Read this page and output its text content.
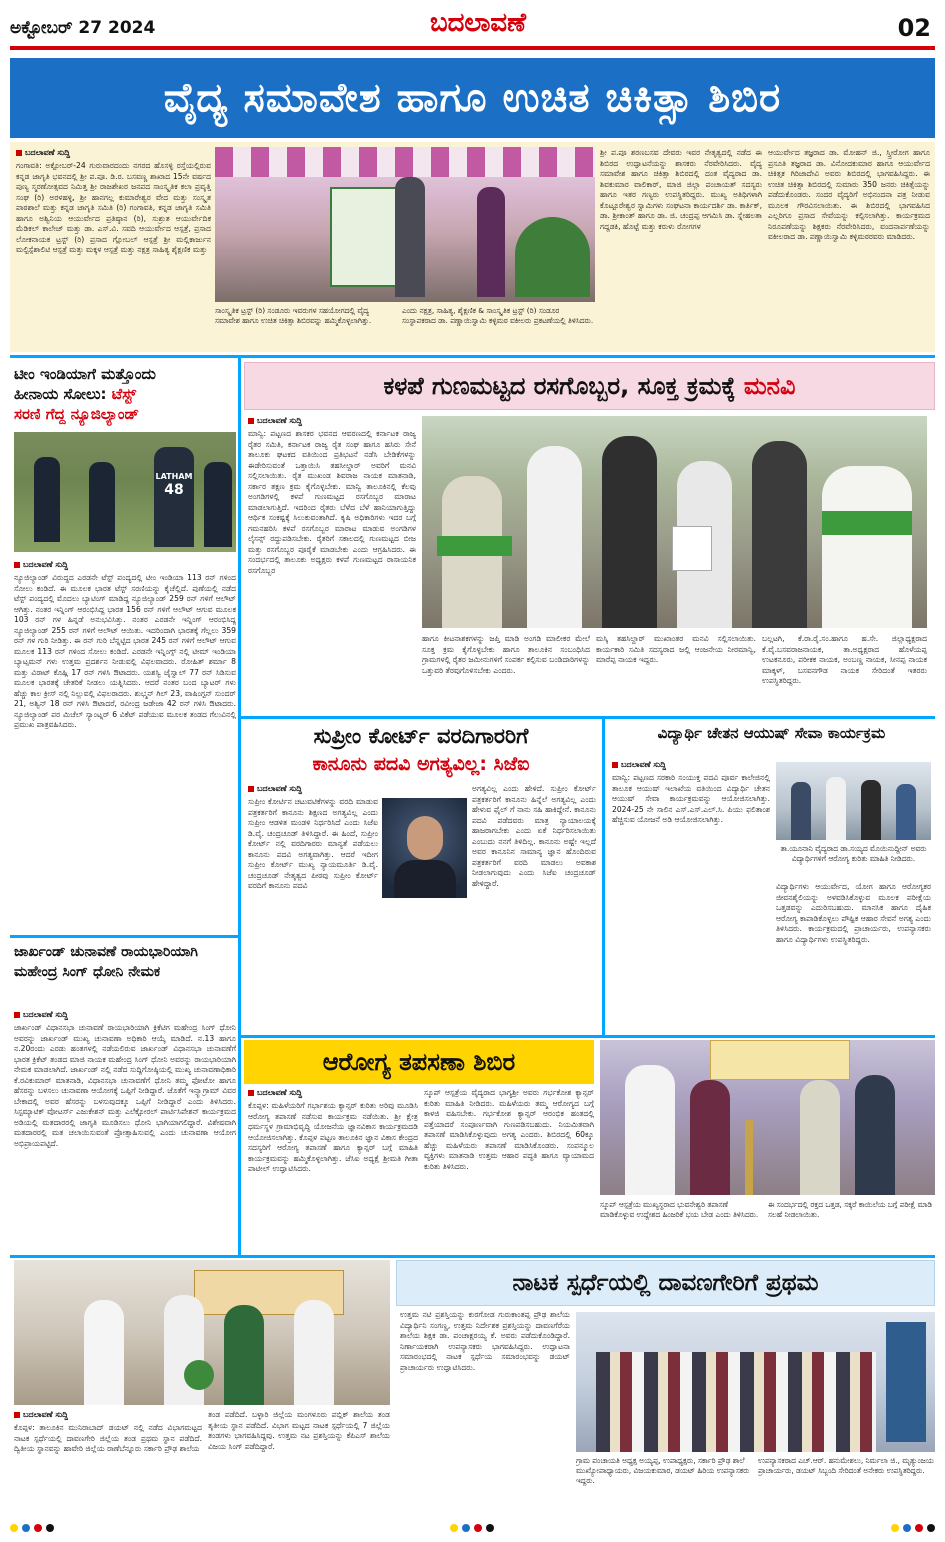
ಅಕ್ಟೋಬರ್ 27 2024	ಬದಲಾವಣೆ	02
ವೈದ್ಯ ಸಮಾವೇಶ ಹಾಗೂ ಉಚಿತ ಚಿಕಿತ್ಸಾ ಶಿಬಿರ
ಬದಲಾವಣೆ ಸುದ್ದಿ
ಗಂಗಾವತಿ: ಅಕ್ಟೋಬರ್-24 ಗುರುವಾರದಂದು ನಗರದ ಹೊಸಳ್ಳಿ ರಸ್ತೆಯಲ್ಲಿರುವ ಕನ್ನಡ ಜಾಗೃತಿ ಭವನದಲ್ಲಿ ಶ್ರೀ ಪ.ಪೂ. ಡಿ.ರ. ಬಸವಣ್ಣ ಶಾಖಾದ 15ನೇ ವರ್ಷದ ಪುಣ್ಯ ಸ್ಮರಣೋತ್ಸವದ ನಿಮಿತ್ತ ಶ್ರೀ ರಾಜಶೇಖರ ಜನಪದ ಸಾಂಸ್ಕೃತಿಕ ಕಲಾ ಪ್ರವೃತ್ತಿ ಸಂಘ (ರಿ) ಅರಳಹಳ್ಳಿ, ಶ್ರೀ ಹಾನಗಲ್ಲ ಕುಮಾರೇಶ್ವರ ವೇದ ಮತ್ತು ಸಂಸ್ಕೃತ ಪಾಠಶಾಲೆ ಮತ್ತು ಕನ್ನಡ ಜಾಗೃತಿ ಸಮಿತಿ (ರಿ) ಗಂಗಾವತಿ, ಕನ್ನಡ ಜಾಗೃತಿ ಸಮಿತಿ ಹಾಗೂ ಅಶ್ವಿನಿಯ ಆಯುರ್ವೇದ ಪ್ರತಿಷ್ಠಾನ (ರಿ), ಸುಶ್ರುತ ಆಯುರ್ವೇದಿಕ ಮೆಡಿಕಲ್ ಕಾಲೇಜ್ ಮತ್ತು ಡಾ. ಎಸ್.ವಿ. ಸವದಿ ಆಯುರ್ವೇದ ಆಸ್ಪತ್ರೆ, ಪ್ರಸಾದ ಲೋಕನಾಯಕ ಟ್ರಸ್ಟ್ (ರಿ) ಪ್ರಸಾದ ಗ್ಲೋಬಲ್ ಆಸ್ಪತ್ರೆ ಶ್ರೀ ಮಲ್ಲಿಕಾರ್ಜುನ ಮಲ್ಟಿಸ್ಪೆಶಾಲಿಟಿ ಆಸ್ಪತ್ರೆ ಮತ್ತು ಮಕ್ಕಳ ಆಸ್ಪತ್ರೆ ಮತ್ತು ನಕ್ಷತ್ರ ಸಾಹಿತ್ಯ ಶೈಕ್ಷಣಿಕ ಮತ್ತು
ಸಾಂಸ್ಕೃತಿಕ ಟ್ರಸ್ಟ್ (ರಿ) ಸಂಡೂರು ಇವರುಗಳ ಸಹಯೋಗದಲ್ಲಿ ವೈದ್ಯ ಸಮಾವೇಶ ಹಾಗೂ ಉಚಿತ ಚಿಕಿತ್ಸಾ ಶಿಬಿರವನ್ನು ಹಮ್ಮಿಕೊಳ್ಳಲಾಗಿತ್ತು.
ಎಂದು ನಕ್ಷತ್ರ, ಸಾಹಿತ್ಯ, ಶೈಕ್ಷಣಿಕ & ಸಾಂಸ್ಕೃತಿಕ ಟ್ರಸ್ಟ್ (ರಿ) ಸಂಡೂರ ಸಂಸ್ಥಾಪಕರಾದ ಡಾ. ಪಣ್ಣಾಯಿಸ್ವಾಮಿ ಕಳ್ಳಿಮಠ ವಕೀಲರು ಪ್ರಕಟಣೆಯಲ್ಲಿ ತಿಳಿಸಿದರು.
ಶ್ರೀ ಪ.ಪೂ ಶರಣಬಸವ ದೇವರು ಇವರ ನೇತೃತ್ವದಲ್ಲಿ ನಡೆದ ಈ ಶಿಬಿರದ ಉದ್ಘಾಟನೆಯನ್ನು ಶಾಸಕರು ನೆರವೇರಿಸಿದರು. ವೈದ್ಯ ಸಮಾವೇಶ ಹಾಗೂ ಚಿಕಿತ್ಸಾ ಶಿಬಿರದಲ್ಲಿ ದಂತ ವೈದ್ಯರಾದ ಡಾ. ಶಿವಕುಮಾರ ವಾಲಿಕಾರ್, ಮಾಜಿ ಜಿಲ್ಲಾ ಪಂಚಾಯತ್ ಸದಸ್ಯರು ಹಾಗೂ ಇತರ ಗಣ್ಯರು ಉಪಸ್ಥಿತರಿದ್ದರು. ಮುಖ್ಯ ಅತಿಥಿಗಳಾಗಿ ಕೊಟ್ಟೂರೇಶ್ವರ ಸ್ವಾಮಿಗಳು ಸಂಘಟನಾ ಕಾರ್ಯದರ್ಶಿ ಡಾ. ಕಾರ್ತಿಕ್, ಡಾ. ಶ್ರೀಕಾಂತ್ ಹಾಗೂ ಡಾ. ಜಿ. ಚಂದ್ರಪ್ಪ ಆಗಮಿಸಿ ಡಾ. ಸ್ನೇಹಲತಾ ಗದ್ದಡಕಿ, ಹೊಟ್ಟೆ ಮತ್ತು ಕರುಳು ರೋಗಗಳ
ಆಯುರ್ವೇದ ತಜ್ಞರಾದ ಡಾ. ಮೋಹನ್ ಜಿ., ಸ್ತ್ರೀರೋಗ ಹಾಗೂ ಪ್ರಸೂತಿ ತಜ್ಞರಾದ ಡಾ. ವಿನೋದಕುಮಾರ ಹಾಗೂ ಆಯುರ್ವೇದ ಚಿಕಿತ್ಸಕ ಗಿರಿಜಾದೇವಿ ಅವರು ಶಿಬಿರದಲ್ಲಿ ಭಾಗವಹಿಸಿದ್ದರು. ಈ ಉಚಿತ ಚಿಕಿತ್ಸಾ ಶಿಬಿರದಲ್ಲಿ ಸುಮಾರು 350 ಜನರು ಚಿಕಿತ್ಸೆಯನ್ನು ಪಡೆದುಕೊಂಡರು. ಸಂದರ ವೈದ್ಯರಿಗೆ ಅಭಿನಂದನಾ ಪತ್ರ ನೀಡುವ ಮೂಲಕ ಗೌರವಿಸಲಾಯಿತು. ಈ ಶಿಬಿರದಲ್ಲಿ ಭಾಗವಹಿಸಿದ ಎಲ್ಲರಿಗೂ ಪ್ರಸಾದ ಸೇವೆಯನ್ನು ಕಲ್ಪಿಸಲಾಗಿತ್ತು. ಕಾರ್ಯಕ್ರಮದ ನಿರೂಪಣೆಯನ್ನು ಶಿಕ್ಷಕರು ನೆರವೇರಿಸಿದರು, ವಂದನಾರ್ಪಣೆಯನ್ನು ವಕೀಲರಾದ ಡಾ. ಪಣ್ಣಾಯಿಸ್ವಾಮಿ ಕಳ್ಳಿಮಠರವರು ಮಾಡಿದರು.
ಟೀಂ ಇಂಡಿಯಾಗೆ ಮತ್ತೊಂದು
ಹೀನಾಯ ಸೋಲು: ಟೆಸ್ಟ್
ಸರಣಿ ಗೆದ್ದ ನ್ಯೂಜಿಲ್ಯಾಂಡ್
LATHAM
48
ಬದಲಾವಣೆ ಸುದ್ದಿ
ನ್ಯೂಜಿಲ್ಯಾಂಡ್ ವಿರುದ್ಧದ ಎರಡನೇ ಟೆಸ್ಟ್ ಪಂದ್ಯದಲ್ಲಿ ಟೀಂ ಇಂಡಿಯಾ 113 ರನ್ ಗಳಿಂದ ಸೋಲು ಕಂಡಿದೆ. ಈ ಮೂಲಕ ಭಾರತ ಟೆಸ್ಟ್ ಸರಣಿಯನ್ನು ಕೈಚೆಲ್ಲಿದೆ. ಪುಣೆಯಲ್ಲಿ ನಡೆದ ಟೆಸ್ಟ್ ಪಂದ್ಯದಲ್ಲಿ ಮೊದಲು ಬ್ಯಾಟಿಂಗ್ ಮಾಡಿದ್ದ ನ್ಯೂಜಿಲ್ಯಾಂಡ್ 259 ರನ್ ಗಳಿಗೆ ಆಲೌಟ್ ಆಗಿತ್ತು. ನಂತರ ಇನ್ನಿಂಗ್ ಆರಂಭಿಸಿದ್ದ ಭಾರತ 156 ರನ್ ಗಳಿಗೆ ಆಲೌಟ್ ಆಗುವ ಮೂಲಕ 103 ರನ್ ಗಳ ಹಿನ್ನಡೆ ಅನುಭವಿಸಿತ್ತು. ನಂತರ ಎರಡನೇ ಇನ್ನಿಂಗ್ ಆರಂಭಿಸಿದ್ದ ನ್ಯೂಜಿಲ್ಯಾಂಡ್ 255 ರನ್ ಗಳಿಗೆ ಆಲೌಟ್ ಆಯಿತು. ಇದರಿಂದಾಗಿ ಭಾರತಕ್ಕೆ ಗೆಲ್ಲಲು 359 ರನ್ ಗಳ ಗುರಿ ನೀಡಿತ್ತು. ಈ ರನ್ ಗುರಿ ಬೆನ್ನಟ್ಟಿದ ಭಾರತ 245 ರನ್ ಗಳಿಗೆ ಆಲೌಟ್ ಆಗುವ ಮೂಲಕ 113 ರನ್ ಗಳಿಂದ ಸೋಲು ಕಂಡಿದೆ. ಎರಡನೇ ಇನ್ನಿಂಗ್ಸ್ ನಲ್ಲಿ ಟೀಮ್ ಇಂಡಿಯಾ ಬ್ಯಾಟ್ಸಮನ್ ಗಳು ಉತ್ತಮ ಪ್ರದರ್ಶನ ನೀಡುವಲ್ಲಿ ವಿಫಲವಾದರು. ರೋಹಿತ್ ಶರ್ಮಾ 8 ಮತ್ತು ವಿರಾಟ್ ಕೊಹ್ಲಿ 17 ರನ್ ಗಳಿಸಿ ಔಟಾದರು. ಯಶಸ್ವಿ ಜೈಸ್ವಾಲ್ 77 ರನ್ ಸಿಡಿಸುವ ಮೂಲಕ ಭಾರತಕ್ಕೆ ಚೇತರಿಕೆ ನೀಡಲು ಯತ್ನಿಸಿದರು. ಆದರೆ ನಂತರ ಬಂದ ಬ್ಯಾಟರ್ ಗಳು ಹೆಚ್ಚು ಕಾಲ ಕ್ರೀಸ್ ನಲ್ಲಿ ನಿಲ್ಲುವಲ್ಲಿ ವಿಫಲರಾದರು. ಶುಭ್ಮನ್ ಗಿಲ್ 23, ವಾಷಿಂಗ್ಟನ್ ಸುಂದರ್ 21, ಅಶ್ವಿನ್ 18 ರನ್ ಗಳಿಸಿ ಔಟಾದರೆ, ರವೀಂದ್ರ ಜಡೇಜಾ 42 ರನ್ ಗಳಿಸಿ ಔಟಾದರು. ನ್ಯೂಜಿಲ್ಯಾಂಡ್ ಪರ ಮಿಚೆಲ್ ಸ್ಯಾಂಟ್ನರ್ 6 ವಿಕೆಟ್ ಪಡೆಯುವ ಮೂಲಕ ತಂಡದ ಗೆಲುವಿನಲ್ಲಿ ಪ್ರಮುಖ ಪಾತ್ರವಹಿಸಿದರು.
ಜಾರ್ಖಂಡ್ ಚುನಾವಣೆ ರಾಯಭಾರಿಯಾಗಿ ಮಹೇಂದ್ರ ಸಿಂಗ್ ಧೋನಿ ನೇಮಕ
ಬದಲಾವಣೆ ಸುದ್ದಿ
ಜಾರ್ಖಂಡ್ ವಿಧಾನಸಭಾ ಚುನಾವಣೆ ರಾಯಭಾರಿಯಾಗಿ ಕ್ರಿಕೆಟಿಗ ಮಹೇಂದ್ರ ಸಿಂಗ್ ಧೋನಿ ಅವರನ್ನು ಜಾರ್ಖಂಡ್ ಮುಖ್ಯ ಚುನಾವಣಾ ಅಧಿಕಾರಿ ಆಯ್ಕೆ ಮಾಡಿದೆ. ನ.13 ಹಾಗೂ ನ.20ರಂದು ಎರಡು ಹಂತಗಳಲ್ಲಿ ನಡೆಯಲಿರುವ ಜಾರ್ಖಂಡ್ ವಿಧಾನಸಭಾ ಚುನಾವಣೆಗೆ ಭಾರತ ಕ್ರಿಕೆಟ್ ತಂಡದ ಮಾಜಿ ನಾಯಕ ಮಹೇಂದ್ರ ಸಿಂಗ್ ಧೋನಿ ಅವರನ್ನು ರಾಯಭಾರಿಯಾಗಿ ನೇಮಕ ಮಾಡಲಾಗಿದೆ. ಜಾರ್ಖಂಡ್ ನಲ್ಲಿ ನಡೆದ ಸುದ್ದಿಗೋಷ್ಠಿಯಲ್ಲಿ ಮುಖ್ಯ ಚುನಾವಣಾಧಿಕಾರಿ ಕೆ.ರವಿಕುಮಾರ್ ಮಾತನಾಡಿ, ವಿಧಾನಸಭಾ ಚುನಾವಣೆಗೆ ಧೋನಿ ತಮ್ಮ ಫೋಟೋ ಹಾಗೂ ಹೆಸರನ್ನು ಬಳಸಲು ಚುನಾವಣಾ ಆಯೋಗಕ್ಕೆ ಒಪ್ಪಿಗೆ ನೀಡಿದ್ದಾರೆ. ಜೊತೆಗೆ ಇನ್ಸ್ಟಾಗ್ರಾಮ್ ವಿವರ ಬೇಕಾದಲ್ಲಿ ಅವರ ಹೆಸರನ್ನು ಬಳಸುವುದಕ್ಕೂ ಒಪ್ಪಿಗೆ ನೀಡಿದ್ದಾರೆ ಎಂದು ತಿಳಿಸಿದರು. ಸಿಸ್ಟಮ್ಯಾಟಿಕ್ ವೋಟರ್ಸ್ ಎಜುಕೇಶನ್ ಮತ್ತು ಎಲೆಕ್ಟೋರಲ್ ಪಾರ್ಟಿಸಿಪೇಶನ್ ಕಾರ್ಯಕ್ರಮದ ಅಡಿಯಲ್ಲಿ ಮತದಾರರಲ್ಲಿ ಜಾಗೃತಿ ಮೂಡಿಸಲು ಧೋನಿ ಭಾಗಿಯಾಗಲಿದ್ದಾರೆ. ವಿಶೇಷವಾಗಿ ಮತದಾರರಲ್ಲಿ ಮತ ಚಲಾಯಿಸುವಂತೆ ಪ್ರೋತ್ಸಾಹಿಸುವಲ್ಲಿ ಎಂದು ಚುನಾವಣಾ ಆಯೋಗ ಅಭಿಪ್ರಾಯಪಟ್ಟಿದೆ.
ಕಳಪೆ ಗುಣಮಟ್ಟದ ರಸಗೊಬ್ಬರ, ಸೂಕ್ತ ಕ್ರಮಕ್ಕೆ ಮನವಿ
ಬದಲಾವಣೆ ಸುದ್ದಿ
ಮಾನ್ವಿ: ಪಟ್ಟಣದ ಶಾಸಕರ ಭವನದ ಆವರಣದಲ್ಲಿ ಕರ್ನಾಟಕ ರಾಜ್ಯ ರೈತರ ಸಮಿತಿ, ಕರ್ನಾಟಕ ರಾಜ್ಯ ರೈತ ಸಂಘ ಹಾಗೂ ಹಸಿರು ಸೇನೆ ತಾಲೂಕು ಘಟಕದ ವತಿಯಿಂದ ಪ್ರತಿಭಟನೆ ನಡೆಸಿ ಬೇಡಿಕೆಗಳನ್ನು ಈಡೇರಿಸುವಂತೆ ಒತ್ತಾಯಿಸಿ ತಹಸೀಲ್ದಾರ್ ಅವರಿಗೆ ಮನವಿ ಸಲ್ಲಿಸಲಾಯಿತು. ರೈತ ಮುಖಂಡ ಶಿವರಾಜ ನಾಯಕ ಮಾತನಾಡಿ, ಸರ್ಕಾರ ತಕ್ಷಣ ಕ್ರಮ ಕೈಗೊಳ್ಳಬೇಕು. ಮಾನ್ವಿ ತಾಲೂಕಿನಲ್ಲಿ ಕೆಲವು ಅಂಗಡಿಗಳಲ್ಲಿ ಕಳಪೆ ಗುಣಮಟ್ಟದ ರಸಗೊಬ್ಬರ ಮಾರಾಟ ಮಾಡಲಾಗುತ್ತಿದೆ. ಇದರಿಂದ ರೈತರು ಬೆಳೆದ ಬೆಳೆ ಹಾನಿಯಾಗುತ್ತಿದ್ದು ಆರ್ಥಿಕ ಸಂಕಷ್ಟಕ್ಕೆ ಸಿಲುಕುವಂತಾಗಿದೆ. ಕೃಷಿ ಅಧಿಕಾರಿಗಳು ಇದರ ಬಗ್ಗೆ ಗಮನಹರಿಸಿ ಕಳಪೆ ರಸಗೊಬ್ಬರ ಮಾರಾಟ ಮಾಡುವ ಅಂಗಡಿಗಳ ಲೈಸನ್ಸ್ ರದ್ದುಪಡಿಸಬೇಕು. ರೈತರಿಗೆ ಸಕಾಲದಲ್ಲಿ ಗುಣಮಟ್ಟದ ಬೀಜ ಮತ್ತು ರಸಗೊಬ್ಬರ ಪೂರೈಕೆ ಮಾಡಬೇಕು ಎಂದು ಆಗ್ರಹಿಸಿದರು. ಈ ಸಂದರ್ಭದಲ್ಲಿ ತಾಲೂಕು ಅಧ್ಯಕ್ಷರು ಕಳಪೆ ಗುಣಮಟ್ಟದ ರಾಸಾಯನಿಕ ರಸಗೊಬ್ಬರ
ಹಾಗೂ ಕೀಟನಾಶಕಗಳನ್ನು ಜಪ್ತಿ ಮಾಡಿ ಅಂಗಡಿ ಮಾಲೀಕರ ಮೇಲೆ ಸೂಕ್ತ ಕ್ರಮ ಕೈಗೊಳ್ಳಬೇಕು ಹಾಗೂ ತಾಲೂಕಿನ ಸಂಬಂಧಿಸಿದ ಗ್ರಾಮಗಳಲ್ಲಿ ರೈತರ ಜಮೀನುಗಳಿಗೆ ಸಂಪರ್ಕ ಕಲ್ಪಿಸುವ ಬಂಡಿದಾರಿಗಳನ್ನು ಒತ್ತುವರಿ ತೆರವುಗೊಳಿಸಬೇಕು ಎಂದರು.
ಮಸ್ಕಿ ತಹಸಿಲ್ದಾರ್ ಮುಖಾಂತರ ಮನವಿ ಸಲ್ಲಿಸಲಾಯಿತು. ಕಾರ್ಯಕಾರಿ ಸಮಿತಿ ಸದಸ್ಯರಾದ ಜಲ್ಲಿ ಆಂಜನೇಯ ನೀರಮಾನ್ವಿ, ಮಾರೆಪ್ಪ ನಾಯಕ ಇದ್ದರು.
ಬಲ್ಲಟಗಿ, ಕೆ.ರಾ.ರೈ.ಸಂ.ಹಾಗೂ ಹ.ಸೇ. ಜಿಲ್ಲಾಧ್ಯಕ್ಷರಾದ ಕೆ.ವೈ.ಬಸವರಾಜನಾಯಕ, ತಾ.ಅಧ್ಯಕ್ಷರಾದ ಹೊಳೆಯಪ್ಪ ಉಟಕನೂರು, ಪರೀಕಕ ನಾಯಕ, ಅಂಬಣ್ಣ ನಾಯಕ, ಸೀನಪ್ಪ ನಾಯಕ ಮಾಕ್ಕಳ್, ಬಸವನಗೌಡ ನಾಯಕ ಸೇರಿದಂತೆ ಇತರರು ಉಪಸ್ಥಿತರಿದ್ದರು.
ಸುಪ್ರೀಂ ಕೋರ್ಟ್ ವರದಿಗಾರರಿಗೆ
ಕಾನೂನು ಪದವಿ ಅಗತ್ಯವಿಲ್ಲ: ಸಿಜೆಐ
ಬದಲಾವಣೆ ಸುದ್ದಿ
ಸುಪ್ರೀಂ ಕೋರ್ಟಿನ ಚಟುವಟಿಕೆಗಳನ್ನು ವರದಿ ಮಾಡುವ ಪತ್ರಕರ್ತರಿಗೆ ಕಾನೂನು ಶಿಕ್ಷಣದ ಅಗತ್ಯವಿಲ್ಲ ಎಂದು ಸುಪ್ರೀಂ ಆಡಳಿತ ಮಂಡಳಿ ನಿರ್ಧರಿಸಿದೆ ಎಂದು ಸಿಜೆಐ ಡಿ.ವೈ. ಚಂದ್ರಚೂಡ್ ತಿಳಿಸಿದ್ದಾರೆ. ಈ ಹಿಂದೆ, ಸುಪ್ರೀಂ ಕೋರ್ಟ್ ನಲ್ಲಿ ವರದಿಗಾರರು ಮಾನ್ಯತೆ ಪಡೆಯಲು ಕಾನೂನು ಪದವಿ ಅಗತ್ಯವಾಗಿತ್ತು. ಆದರೆ ಇದೀಗ ಸುಪ್ರೀಂ ಕೋರ್ಟ್ ಮುಖ್ಯ ನ್ಯಾಯಮೂರ್ತಿ ಡಿ.ವೈ. ಚಂದ್ರಚೂಡ್ ನೇತೃತ್ವದ ಪೀಠವು ಸುಪ್ರೀಂ ಕೋರ್ಟ್ ವರದಿಗೆ ಕಾನೂನು ಪದವಿ
ಅಗತ್ಯವಿಲ್ಲ ಎಂದು ಹೇಳಿದೆ. ಸುಪ್ರೀಂ ಕೋರ್ಟ್ ಪತ್ರಕರ್ತರಿಗೆ ಕಾನೂನು ಹಿನ್ನೆಲೆ ಅಗತ್ಯವಿಲ್ಲ ಎಂದು ಹೇಳುವ ಫೈಲ್ ಗೆ ನಾನು ಸಹಿ ಹಾಕಿದ್ದೇನೆ. ಕಾನೂನು ಪದವಿ ಪಡೆದವರು ಮಾತ್ರ ನ್ಯಾಯಾಲಯಕ್ಕೆ ಹಾಜರಾಗಬೇಕು ಎಂದು ಏಕೆ ನಿರ್ಧರಿಸಲಾಯಿತು ಎಂಬುದು ನನಗೆ ತಿಳಿದಿಲ್ಲ. ಕಾನೂನು ಅಷ್ಟೇ ಇಲ್ಲದೆ ಅವರ ಕಾನೂನಿನ ಸಾಮಾನ್ಯ ಜ್ಞಾನ ಹೊಂದಿರುವ ಪತ್ರಕರ್ತರಿಗೆ ವರದಿ ಮಾಡಲು ಅವಕಾಶ ನೀಡಲಾಗುವುದು ಎಂದು ಸಿಜೆಐ ಚಂದ್ರಚೂಡ್ ಹೇಳಿದ್ದಾರೆ.
ವಿದ್ಯಾರ್ಥಿ ಚೇತನ ಆಯುಷ್ ಸೇವಾ ಕಾರ್ಯಕ್ರಮ
ಬದಲಾವಣೆ ಸುದ್ದಿ
ಮಾನ್ವಿ: ಪಟ್ಟಣದ ಸರಕಾರಿ ಸಂಯುಕ್ತ ಪದವಿ ಪೂರ್ವ ಕಾಲೇಜಿನಲ್ಲಿ ತಾಲೂಕ ಆಯುಷ್ ಇಲಾಖೆಯ ವತಿಯಿಂದ ವಿದ್ಯಾರ್ಥಿ ಚೇತನ ಆಯುಷ್ ಸೇವಾ ಕಾರ್ಯಕ್ರಮವನ್ನು ಆಯೋಜಿಸಲಾಗಿತ್ತು. 2024-25 ನೇ ಸಾಲಿನ ಎಸ್.ಎಸ್.ಎಲ್.ಸಿ. ಪಿಯು ಫಲಿತಾಂಶ ಹೆಚ್ಚಿಸುವ ಯೋಜನೆ ಅಡಿ ಆಯೋಜಿಸಲಾಗಿತ್ತು.
ತಾ.ಯೂನಾನಿ ವೈದ್ಯರಾದ ಡಾ.ಸಯ್ಯದ ಮೊಯಿನುದ್ದೀನ್ ಅವರು ವಿದ್ಯಾರ್ಥಿಗಳಿಗೆ ಆರೋಗ್ಯ ಕುರಿತು ಮಾಹಿತಿ ನೀಡಿದರು.
ವಿದ್ಯಾರ್ಥಿಗಳು ಆಯುರ್ವೇದ, ಯೋಗ ಹಾಗೂ ಆರೋಗ್ಯಕರ ಜೀವನಶೈಲಿಯನ್ನು ಅಳವಡಿಸಿಕೊಳ್ಳುವ ಮೂಲಕ ಪರೀಕ್ಷೆಯ ಒತ್ತಡವನ್ನು ಎದುರಿಸಬಹುದು. ಮಾನಸಿಕ ಹಾಗೂ ದೈಹಿಕ ಆರೋಗ್ಯ ಕಾಪಾಡಿಕೊಳ್ಳಲು ಪೌಷ್ಟಿಕ ಆಹಾರ ಸೇವನೆ ಅಗತ್ಯ ಎಂದು ತಿಳಿಸಿದರು. ಕಾರ್ಯಕ್ರಮದಲ್ಲಿ ಪ್ರಾಚಾರ್ಯರು, ಉಪನ್ಯಾಸಕರು ಹಾಗೂ ವಿದ್ಯಾರ್ಥಿಗಳು ಉಪಸ್ಥಿತರಿದ್ದರು.
ಆರೋಗ್ಯ ತಪಸಣಾ ಶಿಬಿರ
ಬದಲಾವಣೆ ಸುದ್ದಿ
ಕೊಪ್ಪಳ: ಮಹಿಳೆಯರಿಗೆ ಗರ್ಭಾಶಯ ಕ್ಯಾನ್ಸರ್ ಕುರಿತು ಅರಿವು ಮೂಡಿಸಿ ಆರೋಗ್ಯ ತಪಾಸಣೆ ನಡೆಸುವ ಕಾರ್ಯಕ್ರಮ ನಡೆಯಿತು. ಶ್ರೀ ಕ್ಷೇತ್ರ ಧರ್ಮಸ್ಥಳ ಗ್ರಾಮಾಭಿವೃದ್ಧಿ ಯೋಜನೆಯ ಜ್ಞಾನವಿಕಾಸ ಕಾರ್ಯಕ್ರಮದಡಿ ಆಯೋಜಿಸಲಾಗಿತ್ತು. ಕೊಪ್ಪಳ ಪಟ್ಟಣ ತಾಲೂಕಿನ ಜ್ಞಾನ ವಿಕಾಸ ಕೇಂದ್ರದ ಸದಸ್ಯರಿಗೆ ಆರೋಗ್ಯ ತಪಾಸಣೆ ಹಾಗೂ ಕ್ಯಾನ್ಸರ್ ಬಗ್ಗೆ ಮಾಹಿತಿ ಕಾರ್ಯಕ್ರಮವನ್ನು ಹಮ್ಮಿಕೊಳ್ಳಲಾಗಿತ್ತು. ಜೆಸಿಐ ಅಧ್ಯಕ್ಷೆ ಶ್ರೀಮತಿ ಗೀತಾ ಪಾಟೀಲ್ ಉದ್ಘಾಟಿಸಿದರು.
ಸ್ಕೂಪ್ ಆಸ್ಪತ್ರೆಯ ವೈದ್ಯರಾದ ಭಾಗ್ಯಶ್ರೀ ಅವರು ಗರ್ಭಕೋಶ ಕ್ಯಾನ್ಸರ್ ಕುರಿತು ಮಾಹಿತಿ ನೀಡಿದರು. ಮಹಿಳೆಯರು ತಮ್ಮ ಆರೋಗ್ಯದ ಬಗ್ಗೆ ಕಾಳಜಿ ವಹಿಸಬೇಕು. ಗರ್ಭಕೋಶ ಕ್ಯಾನ್ಸರ್ ಆರಂಭಿಕ ಹಂತದಲ್ಲಿ ಪತ್ತೆಯಾದರೆ ಸಂಪೂರ್ಣವಾಗಿ ಗುಣಪಡಿಸಬಹುದು. ನಿಯಮಿತವಾಗಿ ತಪಾಸಣೆ ಮಾಡಿಸಿಕೊಳ್ಳುವುದು ಅಗತ್ಯ ಎಂದರು. ಶಿಬಿರದಲ್ಲಿ 60ಕ್ಕೂ ಹೆಚ್ಚು ಮಹಿಳೆಯರು ತಪಾಸಣೆ ಮಾಡಿಸಿಕೊಂಡರು. ಸಂಪನ್ಮೂಲ ವ್ಯಕ್ತಿಗಳು ಮಾತನಾಡಿ ಉತ್ತಮ ಆಹಾರ ಪದ್ಧತಿ ಹಾಗೂ ವ್ಯಾಯಾಮದ ಕುರಿತು ತಿಳಿಸಿದರು.
ಸ್ಕೂಪ್ ಆಸ್ಪತ್ರೆಯ ಮುಖ್ಯಸ್ಥರಾದ ಭುವನೇಶ್ವರಿ ತಪಾಸಣೆ ಮಾಡಿಕೊಳ್ಳುವ ಉದ್ದೇಶದ ಹಿಂಜರಿಕೆ ಭಯ ಬೇಡ ಎಂದು ತಿಳಿಸಿದರು.
ಈ ಸಂದರ್ಭದಲ್ಲಿ ರಕ್ತದ ಒತ್ತಡ, ಸಕ್ಕರೆ ಕಾಯಿಲೆಯ ಬಗ್ಗೆ ಪರೀಕ್ಷೆ ಮಾಡಿ ಸಲಹೆ ನೀಡಲಾಯಿತು.
ನಾಟಕ ಸ್ಪರ್ಧೆಯಲ್ಲಿ ದಾವಣಗೇರಿಗೆ ಪ್ರಥಮ
ಬದಲಾವಣೆ ಸುದ್ದಿ
ಕೊಪ್ಪಳ: ತಾಲೂಕಿನ ಮುನಿರಾಬಾದ್ ಡಯಟ್ ನಲ್ಲಿ ನಡೆದ ವಿಭಾಗಮಟ್ಟದ ನಾಟಕ ಸ್ಪರ್ಧೆಯಲ್ಲಿ ದಾವಣಗೇರಿ ಜಿಲ್ಲೆಯ ತಂಡ ಪ್ರಥಮ ಸ್ಥಾನ ಪಡೆದಿದೆ. ದ್ವಿತೀಯ ಸ್ಥಾನವನ್ನು ಹಾವೇರಿ ಜಿಲ್ಲೆಯ ರಾಣೆಬೆನ್ನೂರು ಸರ್ಕಾರಿ ಪ್ರೌಢ ಶಾಲೆಯ
ತಂಡ ಪಡೆದಿದೆ. ಬಳ್ಳಾರಿ ಜಿಲ್ಲೆಯ ಮಂಗಳೂರು ಪಬ್ಲಿಕ್ ಶಾಲೆಯ ತಂಡ ತೃತೀಯ ಸ್ಥಾನ ಪಡೆದಿದೆ. ವಿಭಾಗ ಮಟ್ಟದ ನಾಟಕ ಸ್ಪರ್ಧೆಯಲ್ಲಿ 7 ಜಿಲ್ಲೆಯ ತಂಡಗಳು ಭಾಗವಹಿಸಿದ್ದವು. ಉತ್ತಮ ನಟ ಪ್ರಶಸ್ತಿಯನ್ನು ಕೆಪಿಎಸ್ ಶಾಲೆಯ ವಿಜಯ ಸಿಂಗ್ ಪಡೆದಿದ್ದಾರೆ.
ಉತ್ತಮ ನಟಿ ಪ್ರಶಸ್ತಿಯನ್ನು ಕುರಗೋಡ ಗುರುಕಾಂತಪ್ಪ ಪ್ರೌಢ ಶಾಲೆಯ ವಿದ್ಯಾರ್ಥಿನಿ ಸಂಗಣ್ಣ, ಉತ್ತಮ ನಿರ್ದೇಶಕ ಪ್ರಶಸ್ತಿಯನ್ನು ದಾವಣಗೆರೆಯ ಶಾಲೆಯ ಶಿಕ್ಷಕ ಡಾ. ಪಂಚಾಕ್ಷರಯ್ಯ ಕೆ. ಅವರು ಪಡೆದುಕೊಂಡಿದ್ದಾರೆ. ನಿರ್ಣಾಯಕರಾಗಿ ಉಪನ್ಯಾಸಕರು ಭಾಗವಹಿಸಿದ್ದರು. ಉದ್ಘಾಟನಾ ಸಮಾರಂಭದಲ್ಲಿ ನಾಟಕ ಸ್ಪರ್ಧೆಯ ಸಮಾರಂಭವನ್ನು ಡಯಟ್ ಪ್ರಾಚಾರ್ಯರು ಉದ್ಘಾಟಿಸಿದರು.
ಗ್ರಾಮ ಪಂಚಾಯತಿ ಅಧ್ಯಕ್ಷ ಅಯ್ಯಪ್ಪ, ಉಪಾಧ್ಯಕ್ಷರು, ಸರ್ಕಾರಿ ಪ್ರೌಢ ಶಾಲೆ ಮುಖ್ಯೋಪಾಧ್ಯಾಯರು, ವಿಜಯಕುಮಾರ, ಡಯಟ್ ಹಿರಿಯ ಉಪನ್ಯಾಸಕರು ಇದ್ದರು.
ಉಪನ್ಯಾಸಕರಾದ ಎಚ್.ಆರ್. ಹನುಮೇಶಲು, ನಿರ್ಮಲಾ ಜಿ., ಮೃತ್ಯುಂಜಯ ಪ್ರಾಚಾರ್ಯರು, ಡಯಟ್ ಸಿಬ್ಬಂದಿ ಸೇರಿದಂತೆ ಅನೇಕರು ಉಪಸ್ಥಿತರಿದ್ದರು.
